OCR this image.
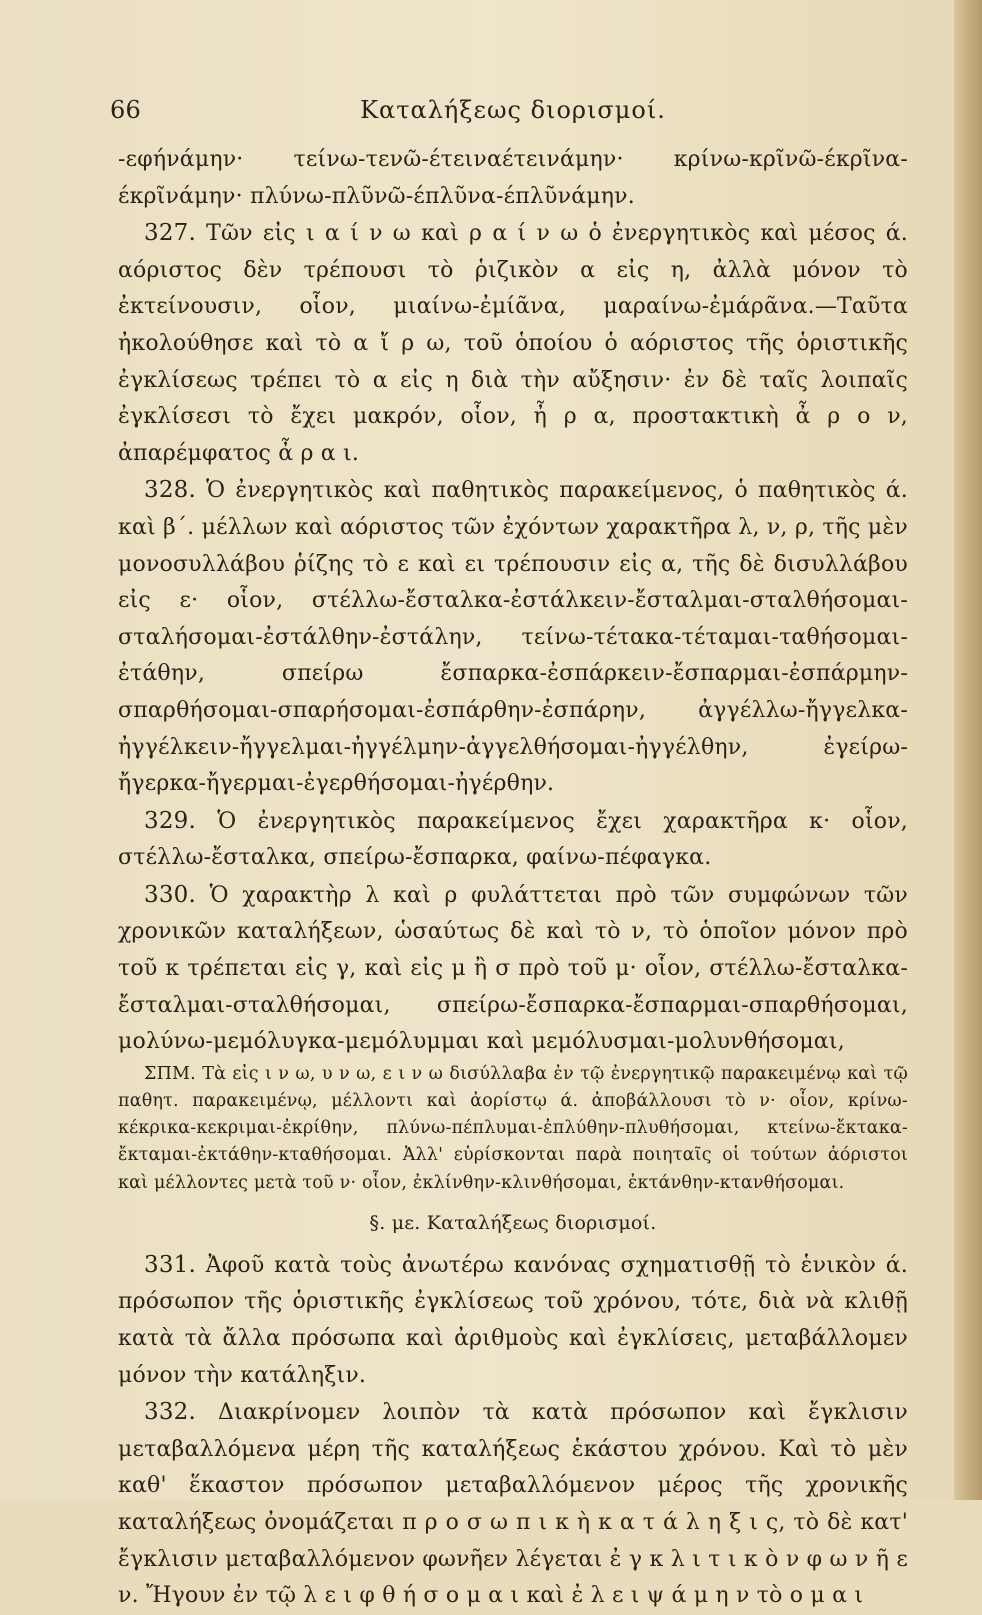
66	Καταλήξεως διορισμοί.

-εφήνάμην· τείνω-τενῶ-έτειναέτεινάμην· κρίνω-κρῖνῶ-έκρῖνα-έκρῖνάμην· πλύνω-πλῦνῶ-έπλῦνα-έπλῦνάμην.

327. Τῶν εἰς ι α ί ν ω καὶ ρ α ί ν ω ὁ ἐνεργητικὸς καὶ μέσος ά. αόριστος δὲν τρέπουσι τὸ ῥιζικὸν α εἰς η, ἀλλὰ μόνον τὸ ἐκτείνουσιν, οἷον, μιαίνω-ἐμίᾶνα, μαραίνω-ἐμάρᾶνα.—Ταῦτα ἠκολούθησε καὶ τὸ α ἴ ρ ω, τοῦ ὁποίου ὁ αόριστος τῆς ὁριστικῆς ἐγκλίσεως τρέπει τὸ α εἰς η διὰ τὴν αὔξησιν· ἐν δὲ ταῖς λοιπαῖς ἐγκλίσεσι τὸ ἔχει μακρόν, οἷον, ἦ ρ α, προστακτικὴ ἆ ρ ο ν, ἀπαρέμφατος ἆ ρ α ι.

328. Ὁ ἐνεργητικὸς καὶ παθητικὸς παρακείμενος, ὁ παθητικὸς ά. καὶ β΄. μέλλων καὶ αόριστος τῶν ἐχόντων χαρακτῆρα λ, ν, ρ, τῆς μὲν μονοσυλλάβου ῥίζης τὸ ε καὶ ει τρέπουσιν εἰς α, τῆς δὲ δισυλλάβου εἰς ε· οἷον, στέλλω-ἔσταλκα-ἐστάλκειν-ἔσταλμαι-σταλθήσομαι-σταλήσομαι-ἐστάλθην-ἐστάλην, τείνω-τέτακα-τέταμαι-ταθήσομαι-ἐτάθην, σπείρω ἔσπαρκα-ἐσπάρκειν-ἔσπαρμαι-ἐσπάρμην-σπαρθήσομαι-σπαρήσομαι-ἐσπάρθην-ἐσπάρην, ἀγγέλλω-ἤγγελκα-ἠγγέλκειν-ἤγγελμαι-ἠγγέλμην-ἀγγελθήσομαι-ἠγγέλθην, ἐγείρω-ἤγερκα-ἤγερμαι-ἐγερθήσομαι-ἠγέρθην.

329. Ὁ ἐνεργητικὸς παρακείμενος ἔχει χαρακτῆρα κ· οἷον, στέλλω-ἔσταλκα, σπείρω-ἔσπαρκα, φαίνω-πέφαγκα.

330. Ὁ χαρακτὴρ λ καὶ ρ φυλάττεται πρὸ τῶν συμφώνων τῶν χρονικῶν καταλήξεων, ὡσαύτως δὲ καὶ τὸ ν, τὸ ὁποῖον μόνον πρὸ τοῦ κ τρέπεται εἰς γ, καὶ εἰς μ ἢ σ πρὸ τοῦ μ· οἷον, στέλλω-ἔσταλκα-ἔσταλμαι-σταλθήσομαι, σπείρω-ἔσπαρκα-ἔσπαρμαι-σπαρθήσομαι, μολύνω-μεμόλυγκα-μεμόλυμμαι καὶ μεμόλυσμαι-μολυνθήσομαι,

ΣΠΜ. Τὰ εἰς ι ν ω, υ ν ω, ε ι ν ω δισύλλαβα ἐν τῷ ἐνεργητικῷ παρακειμένῳ καὶ τῷ παθητ. παρακειμένῳ, μέλλοντι καὶ ἀορίστῳ ά. ἀποβάλλουσι τὸ ν· οἷον, κρίνω-κέκρικα-κεκριμαι-ἐκρίθην, πλύνω-πέπλυμαι-ἐπλύθην-πλυθήσομαι, κτείνω-ἔκτακα-ἔκταμαι-ἐκτάθην-κταθήσομαι. Ἀλλ' εὑρίσκονται παρὰ ποιηταῖς οἱ τούτων ἀόριστοι καὶ μέλλοντες μετὰ τοῦ ν· οἷον, ἐκλίνθην-κλινθήσομαι, ἐκτάνθην-κτανθήσομαι.

§. με. Καταλήξεως διορισμοί.

331. Ἀφοῦ κατὰ τοὺς ἀνωτέρω κανόνας σχηματισθῇ τὸ ἑνικὸν ά. πρόσωπον τῆς ὁριστικῆς ἐγκλίσεως τοῦ χρόνου, τότε, διὰ νὰ κλιθῇ κατὰ τὰ ἄλλα πρόσωπα καὶ ἀριθμοὺς καὶ ἐγκλίσεις, μεταβάλλομεν μόνον τὴν κατάληξιν.

332. Διακρίνομεν λοιπὸν τὰ κατὰ πρόσωπον καὶ ἔγκλισιν μεταβαλλόμενα μέρη τῆς καταλήξεως ἑκάστου χρόνου. Καὶ τὸ μὲν καθ' ἕκαστον πρόσωπον μεταβαλλόμενον μέρος τῆς χρονικῆς καταλήξεως ὀνομάζεται π ρ ο σ ω π ι κ ὴ κ α τ ά λ η ξ ι ς, τὸ δὲ κατ' ἔγκλισιν μεταβαλλόμενον φωνῆεν λέγεται ἐ γ κ λ ι τ ι κ ὸ ν φ ω ν ῆ ε ν. Ἤγουν ἐν τῷ λ ε ι φ θ ή σ ο μ α ι καὶ ἐ λ ε ι ψ ά μ η ν τὸ ο μ α ι
